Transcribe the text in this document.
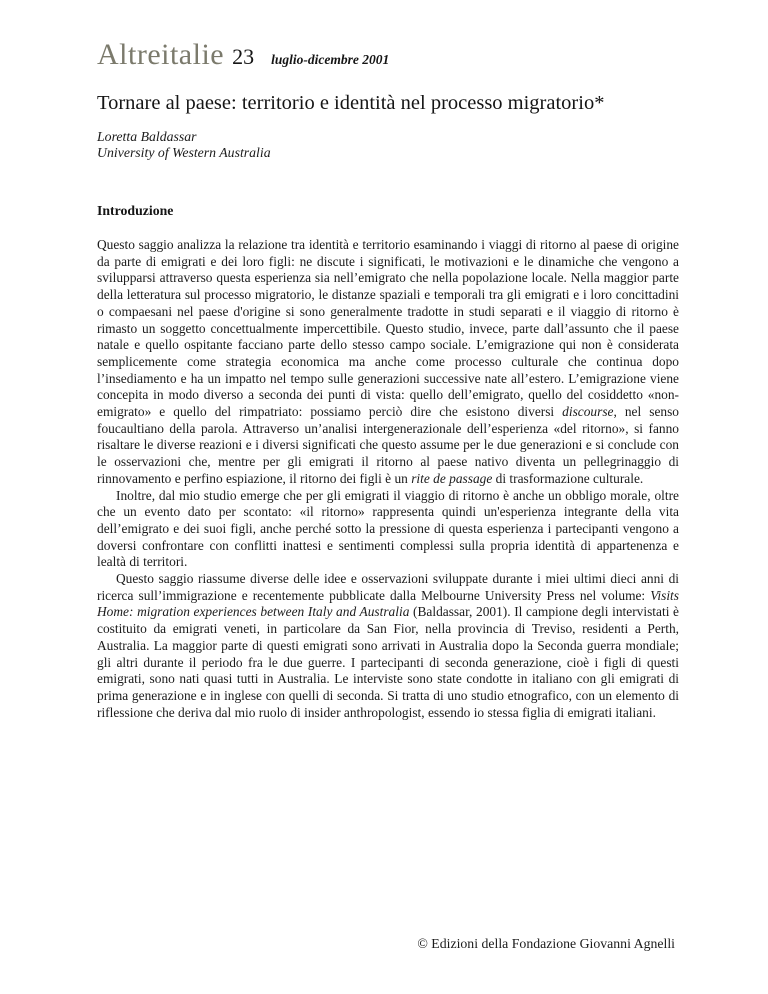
Altreitalie 23 luglio-dicembre 2001
Tornare al paese: territorio e identità nel processo migratorio*
Loretta Baldassar
University of Western Australia
Introduzione

Questo saggio analizza la relazione tra identità e territorio esaminando i viaggi di ritorno al paese di origine da parte di emigrati e dei loro figli: ne discute i significati, le motivazioni e le dinamiche che vengono a svilupparsi attraverso questa esperienza sia nell’emigrato che nella popolazione locale. Nella maggior parte della letteratura sul processo migratorio, le distanze spaziali e temporali tra gli emigrati e i loro concittadini o compaesani nel paese d'origine si sono generalmente tradotte in studi separati e il viaggio di ritorno è rimasto un soggetto concettualmente impercettibile. Questo studio, invece, parte dall’assunto che il paese natale e quello ospitante facciano parte dello stesso campo sociale. L’emigrazione qui non è considerata semplicemente come strategia economica ma anche come processo culturale che continua dopo l’insediamento e ha un impatto nel tempo sulle generazioni successive nate all’estero. L’emigrazione viene concepita in modo diverso a seconda dei punti di vista: quello dell’emigrato, quello del cosiddetto «non-emigrato» e quello del rimpatriato: possiamo perciò dire che esistono diversi discourse, nel senso foucaultiano della parola. Attraverso un’analisi intergenerazionale dell’esperienza «del ritorno», si fanno risaltare le diverse reazioni e i diversi significati che questo assume per le due generazioni e si conclude con le osservazioni che, mentre per gli emigrati il ritorno al paese nativo diventa un pellegrinaggio di rinnovamento e perfino espiazione, il ritorno dei figli è un rite de passage di trasformazione culturale.

Inoltre, dal mio studio emerge che per gli emigrati il viaggio di ritorno è anche un obbligo morale, oltre che un evento dato per scontato: «il ritorno» rappresenta quindi un'esperienza integrante della vita dell’emigrato e dei suoi figli, anche perché sotto la pressione di questa esperienza i partecipanti vengono a doversi confrontare con conflitti inattesi e sentimenti complessi sulla propria identità di appartenenza e lealtà di territori.

Questo saggio riassume diverse delle idee e osservazioni sviluppate durante i miei ultimi dieci anni di ricerca sull’immigrazione e recentemente pubblicate dalla Melbourne University Press nel volume: Visits Home: migration experiences between Italy and Australia (Baldassar, 2001). Il campione degli intervistati è costituito da emigrati veneti, in particolare da San Fior, nella provincia di Treviso, residenti a Perth, Australia. La maggior parte di questi emigrati sono arrivati in Australia dopo la Seconda guerra mondiale; gli altri durante il periodo fra le due guerre. I partecipanti di seconda generazione, cioè i figli di questi emigrati, sono nati quasi tutti in Australia. Le interviste sono state condotte in italiano con gli emigrati di prima generazione e in inglese con quelli di seconda. Si tratta di uno studio etnografico, con un elemento di riflessione che deriva dal mio ruolo di insider anthropologist, essendo io stessa figlia di emigrati italiani.

© Edizioni della Fondazione Giovanni Agnelli
